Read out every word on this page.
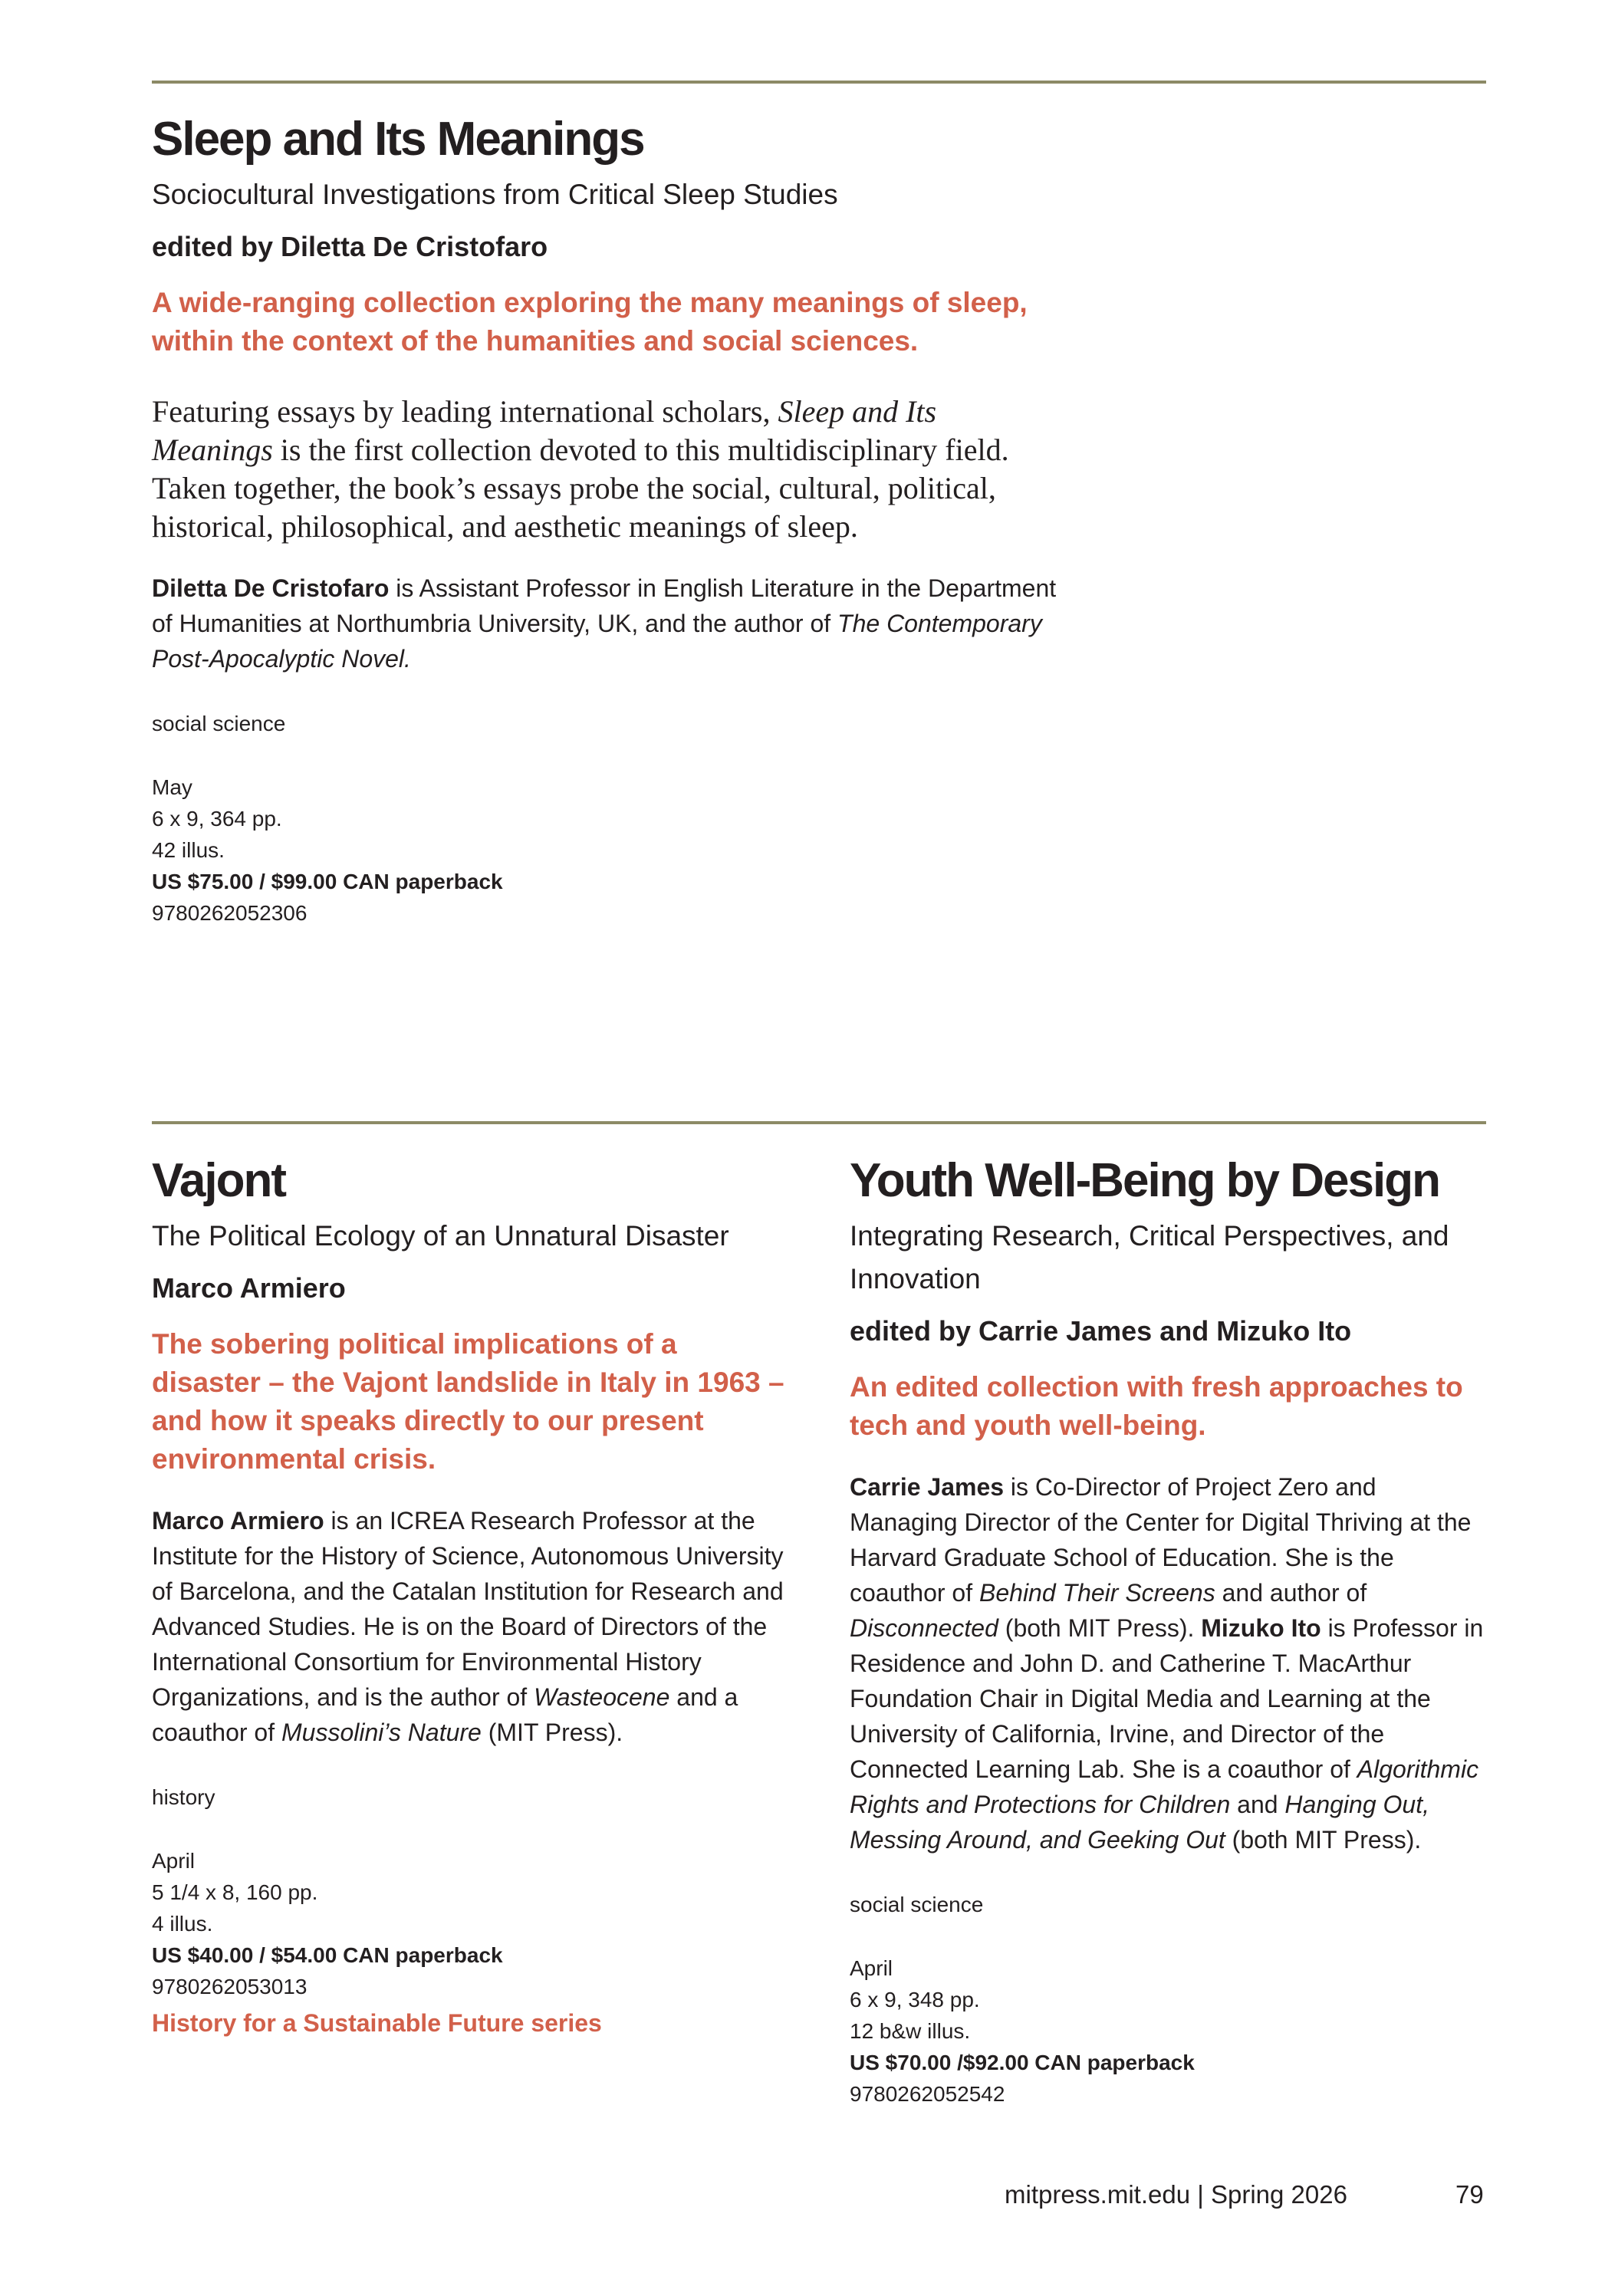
Sleep and Its Meanings
Sociocultural Investigations from Critical Sleep Studies
edited by Diletta De Cristofaro
A wide-ranging collection exploring the many meanings of sleep, within the context of the humanities and social sciences.
Featuring essays by leading international scholars, Sleep and Its Meanings is the first collection devoted to this multidisciplinary field. Taken together, the book’s essays probe the social, cultural, political, historical, philosophical, and aesthetic meanings of sleep.
Diletta De Cristofaro is Assistant Professor in English Literature in the Department of Humanities at Northumbria University, UK, and the author of The Contemporary Post-Apocalyptic Novel.
social science
May
6 x 9, 364 pp.
42 illus.
US $75.00 / $99.00 CAN paperback
9780262052306
Vajont
The Political Ecology of an Unnatural Disaster
Marco Armiero
The sobering political implications of a disaster – the Vajont landslide in Italy in 1963 – and how it speaks directly to our present environmental crisis.
Marco Armiero is an ICREA Research Professor at the Institute for the History of Science, Autonomous University of Barcelona, and the Catalan Institution for Research and Advanced Studies. He is on the Board of Directors of the International Consortium for Environmental History Organizations, and is the author of Wasteocene and a coauthor of Mussolini’s Nature (MIT Press).
history
April
5 1/4 x 8, 160 pp.
4 illus.
US $40.00 / $54.00 CAN paperback
9780262053013
History for a Sustainable Future series
Youth Well-Being by Design
Integrating Research, Critical Perspectives, and Innovation
edited by Carrie James and Mizuko Ito
An edited collection with fresh approaches to tech and youth well-being.
Carrie James is Co-Director of Project Zero and Managing Director of the Center for Digital Thriving at the Harvard Graduate School of Education. She is the coauthor of Behind Their Screens and author of Disconnected (both MIT Press). Mizuko Ito is Professor in Residence and John D. and Catherine T. MacArthur Foundation Chair in Digital Media and Learning at the University of California, Irvine, and Director of the Connected Learning Lab. She is a coauthor of Algorithmic Rights and Protections for Children and Hanging Out, Messing Around, and Geeking Out (both MIT Press).
social science
April
6 x 9, 348 pp.
12 b&w illus.
US $70.00 /$92.00 CAN paperback
9780262052542
mitpress.mit.edu | Spring 2026	79
